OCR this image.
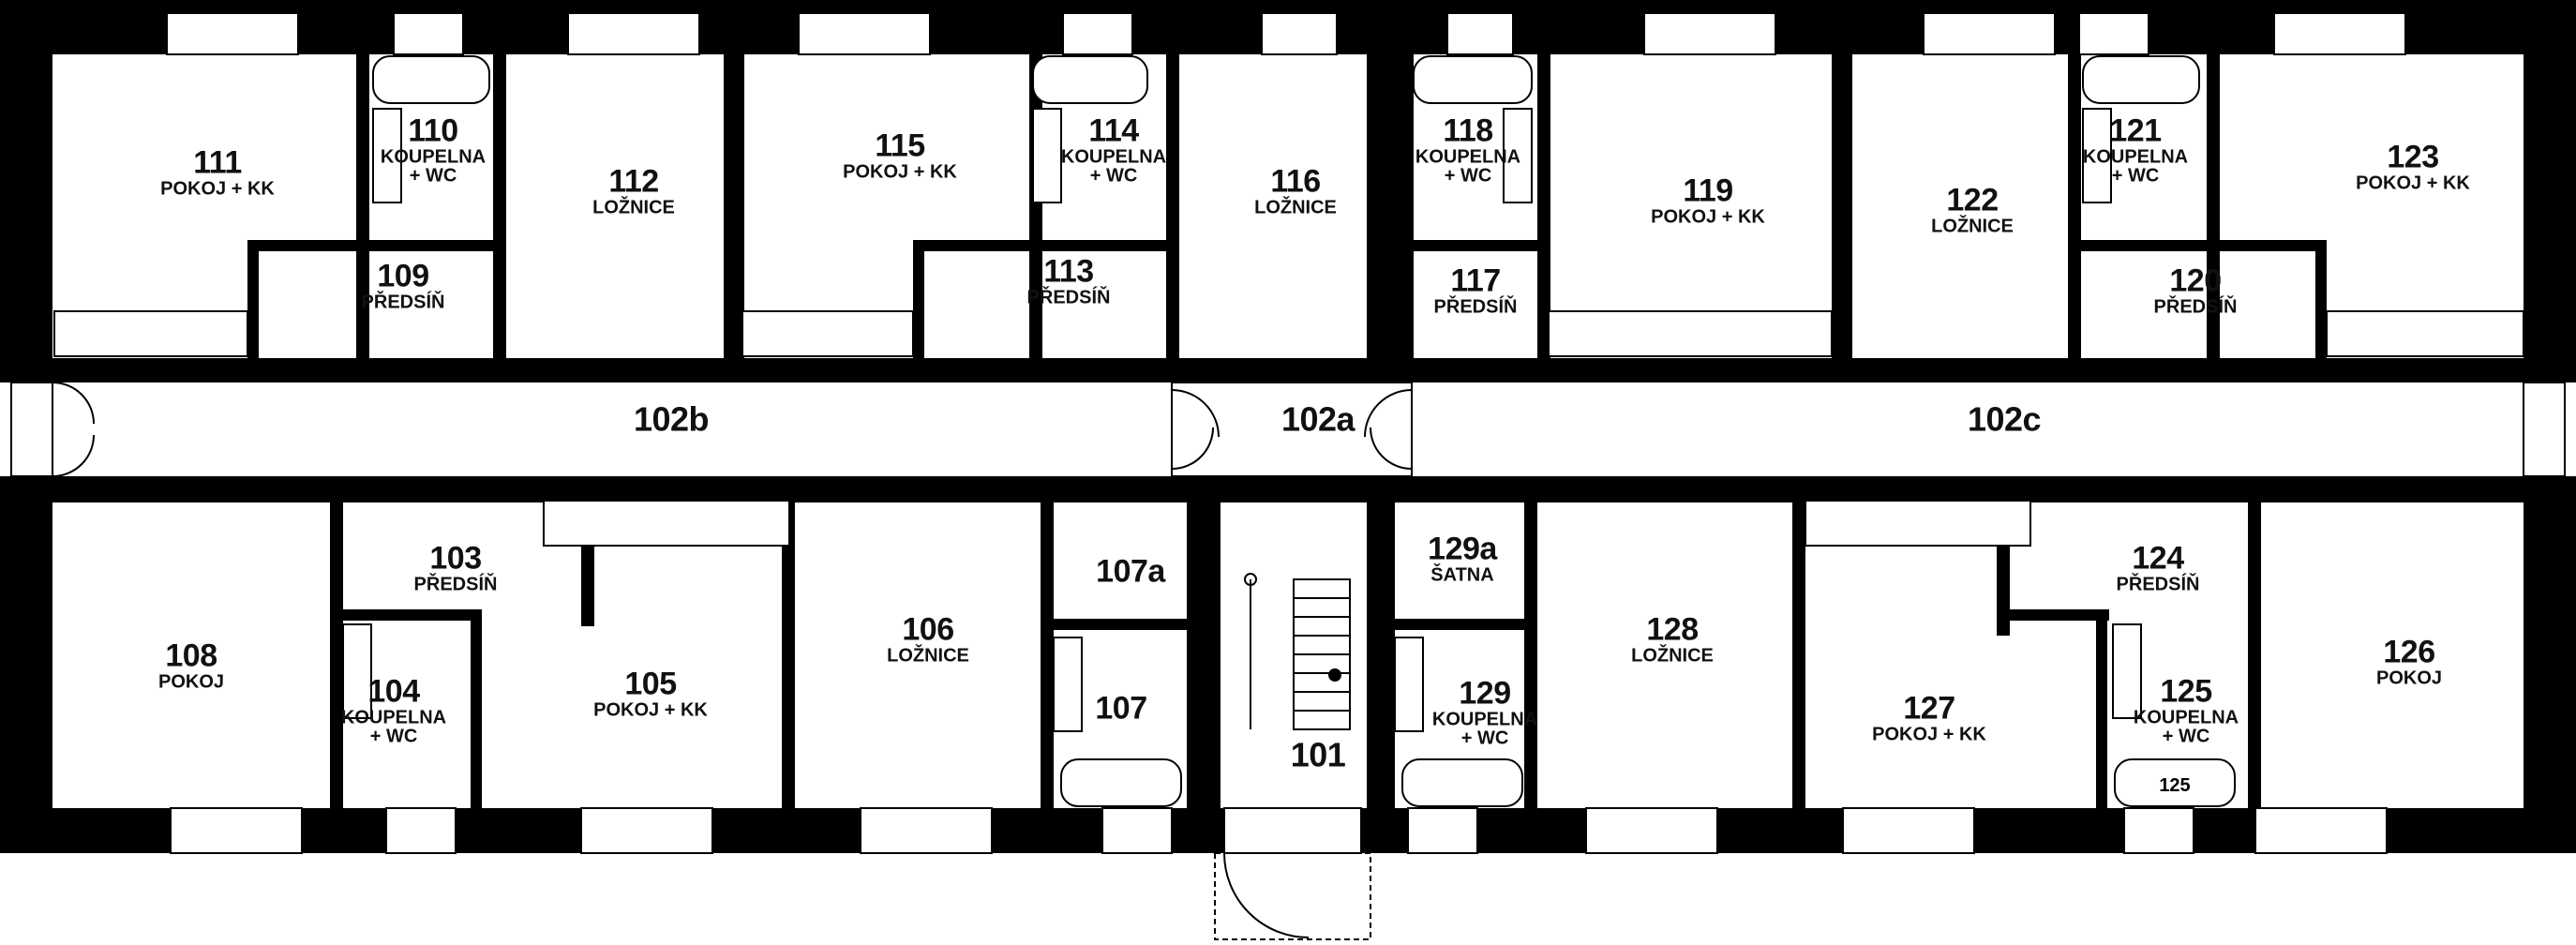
125
111
POKOJ + KK
110
KOUPELNA
+ WC	112
LOŽNICE
109
PŘEDSÍŇ
115
POKOJ + KK
114
KOUPELNA
+ WC	116
LOŽNICE
113
PŘEDSÍŇ
118
KOUPELNA
+ WC
117
PŘEDSÍŇ
119
POKOJ + KK	122
LOŽNICE
121
KOUPELNA
+ WC
120
PŘEDSÍŇ
123
POKOJ + KK
102b	102a	102c
108
POKOJ
103
PŘEDSÍŇ
104
KOUPELNA
+ WC
105
POKOJ + KK
106
LOŽNICE
107a
107
101
129a
ŠATNA
129
KOUPELNA
+ WC
128
LOŽNICE
127
POKOJ + KK
124
PŘEDSÍŇ
125
KOUPELNA
+ WC
126
POKOJ
